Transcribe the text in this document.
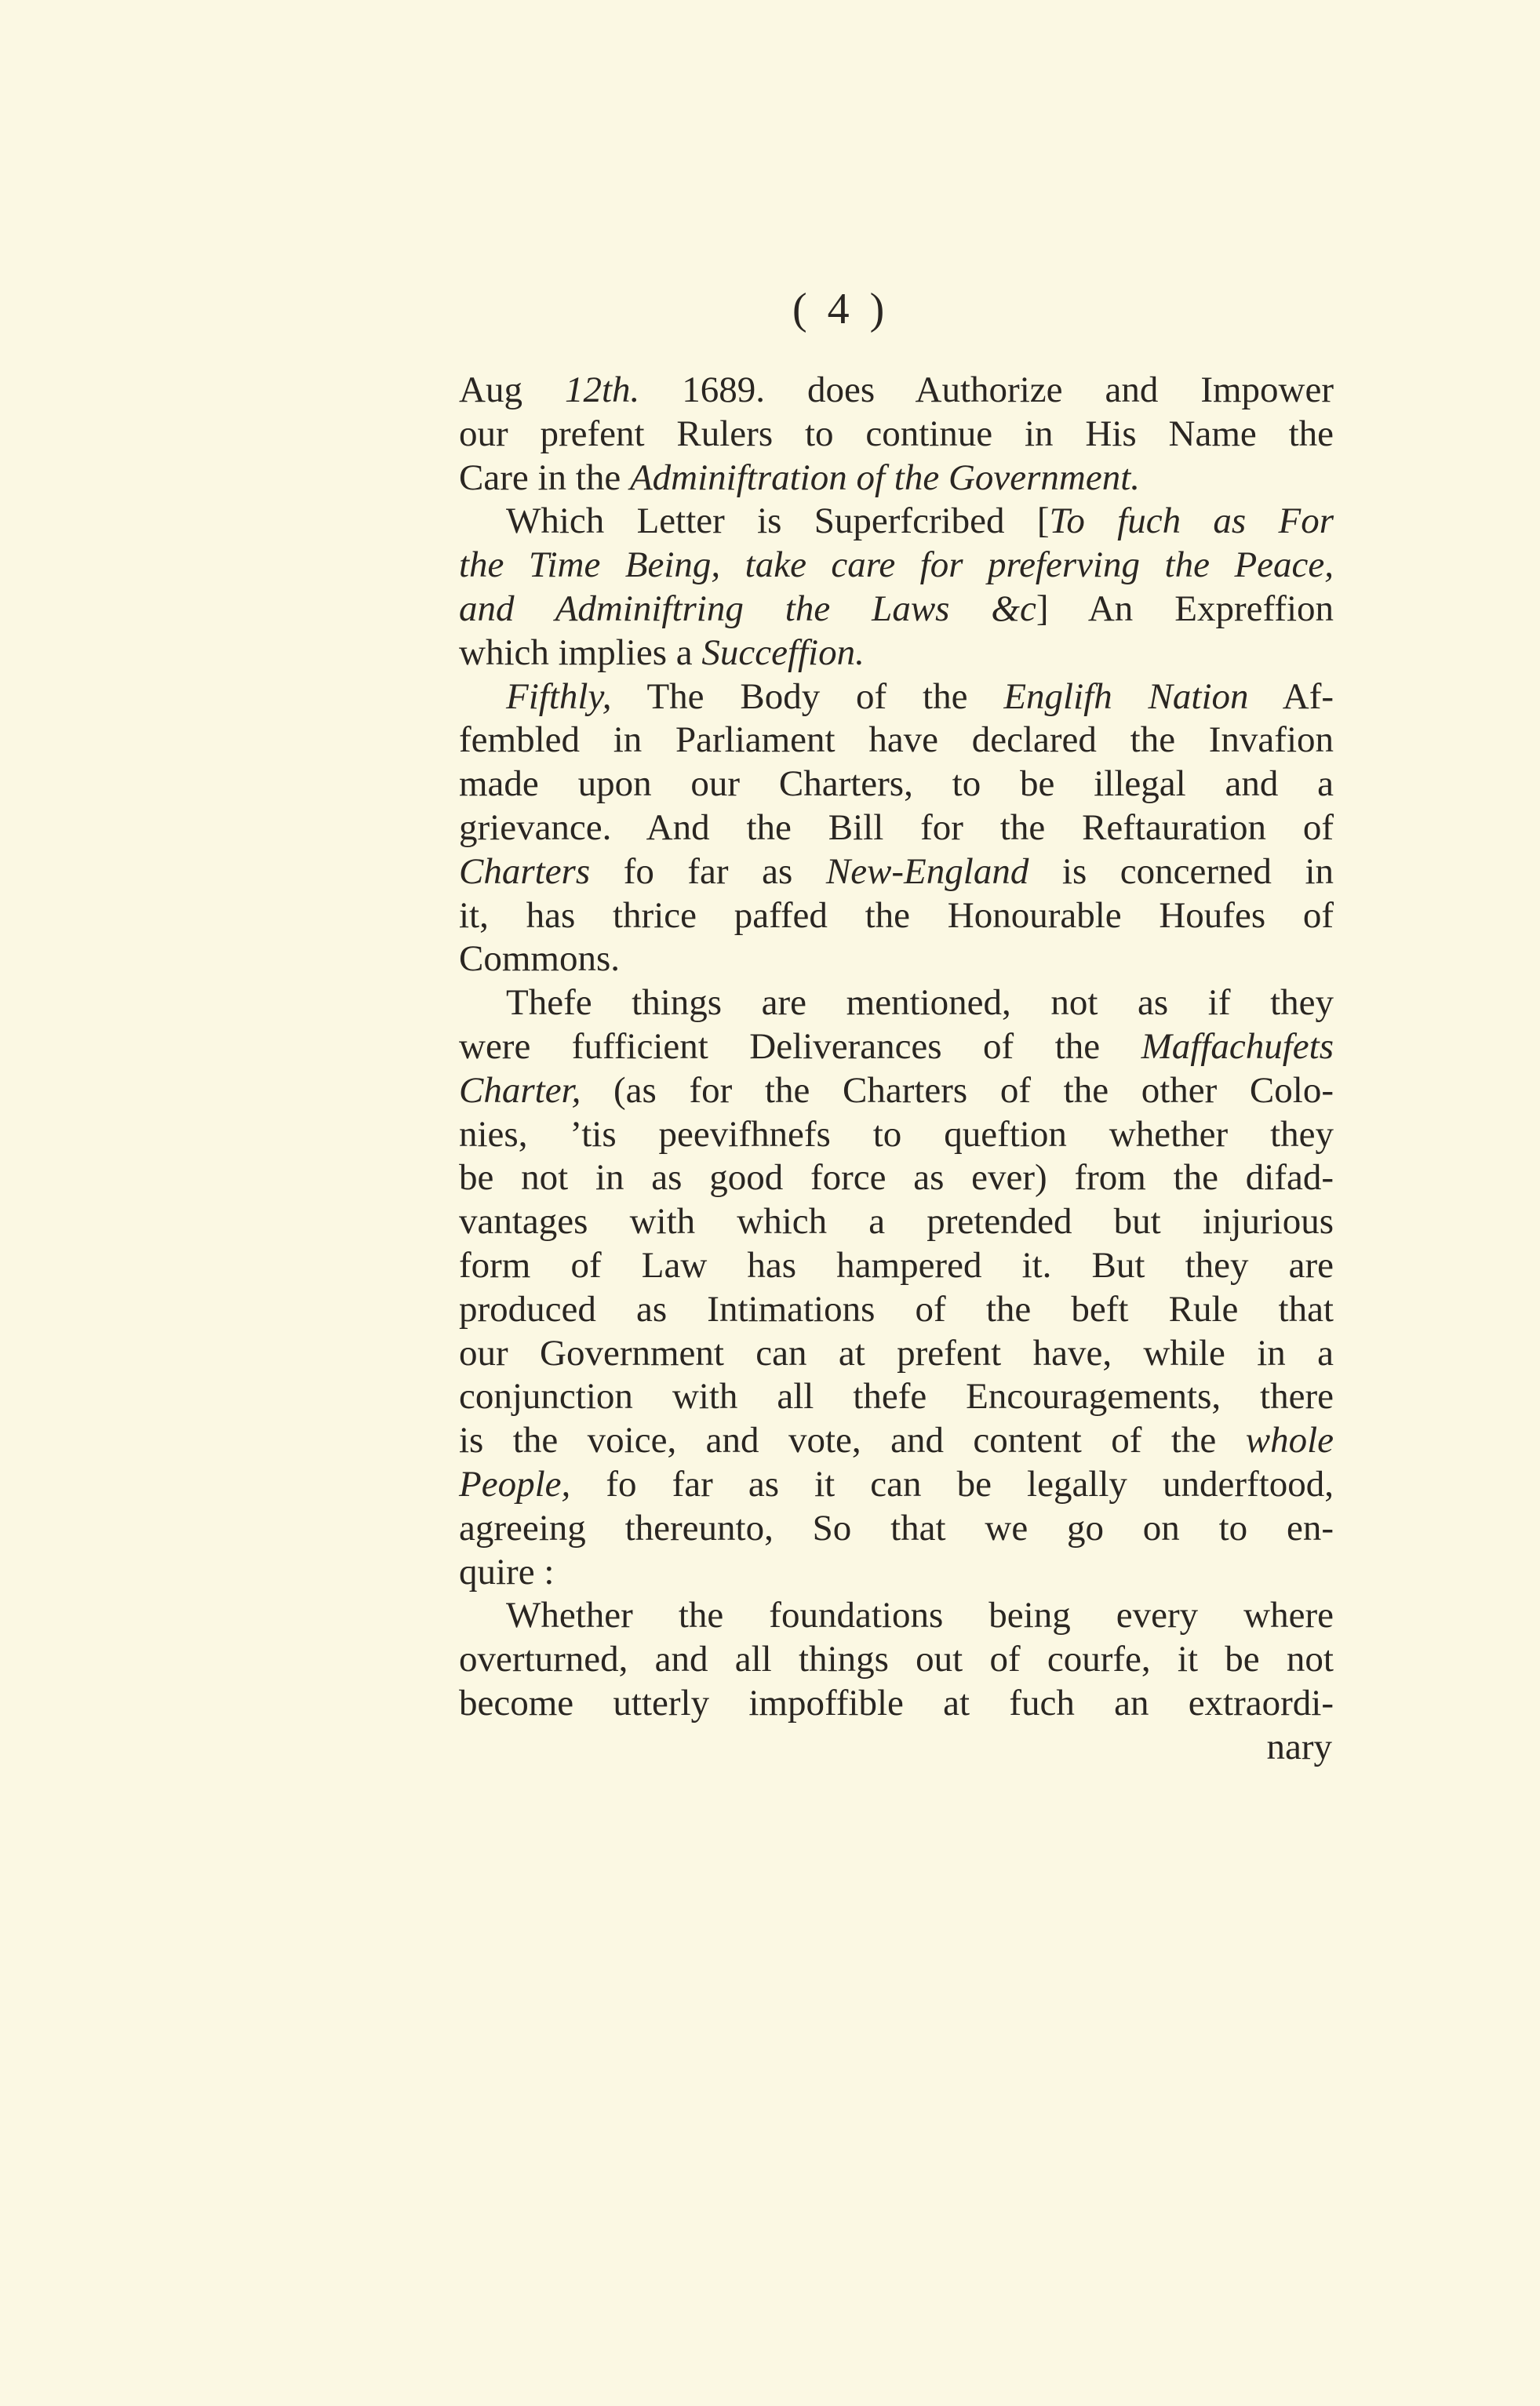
( 4 )
Aug 12th. 1689. does Authorize and Impower
our prefent Rulers to continue in His Name the
Care in the Adminiftration of the Government.
Which Letter is Superfcribed [To fuch as For
the Time Being, take care for preferving the Peace,
and Adminiftring the Laws &c] An Expreffion
which implies a Succeffion.
Fifthly, The Body of the Englifh Nation Af-
fembled in Parliament have declared the Invafion
made upon our Charters, to be illegal and a
grievance. And the Bill for the Reftauration of
Charters fo far as New-England is concerned in
it, has thrice paffed the Honourable Houfes of
Commons.
Thefe things are mentioned, not as if they
were fufficient Deliverances of the Maffachufets
Charter, (as for the Charters of the other Colo-
nies, ’tis peevifhnefs to queftion whether they
be not in as good force as ever) from the difad-
vantages with which a pretended but injurious
form of Law has hampered it. But they are
produced as Intimations of the beft Rule that
our Government can at prefent have, while in a
conjunction with all thefe Encouragements, there
is the voice, and vote, and content of the whole
People, fo far as it can be legally underftood,
agreeing thereunto, So that we go on to en-
quire :
Whether the foundations being every where
overturned, and all things out of courfe, it be not
become utterly impoffible at fuch an extraordi-
nary
